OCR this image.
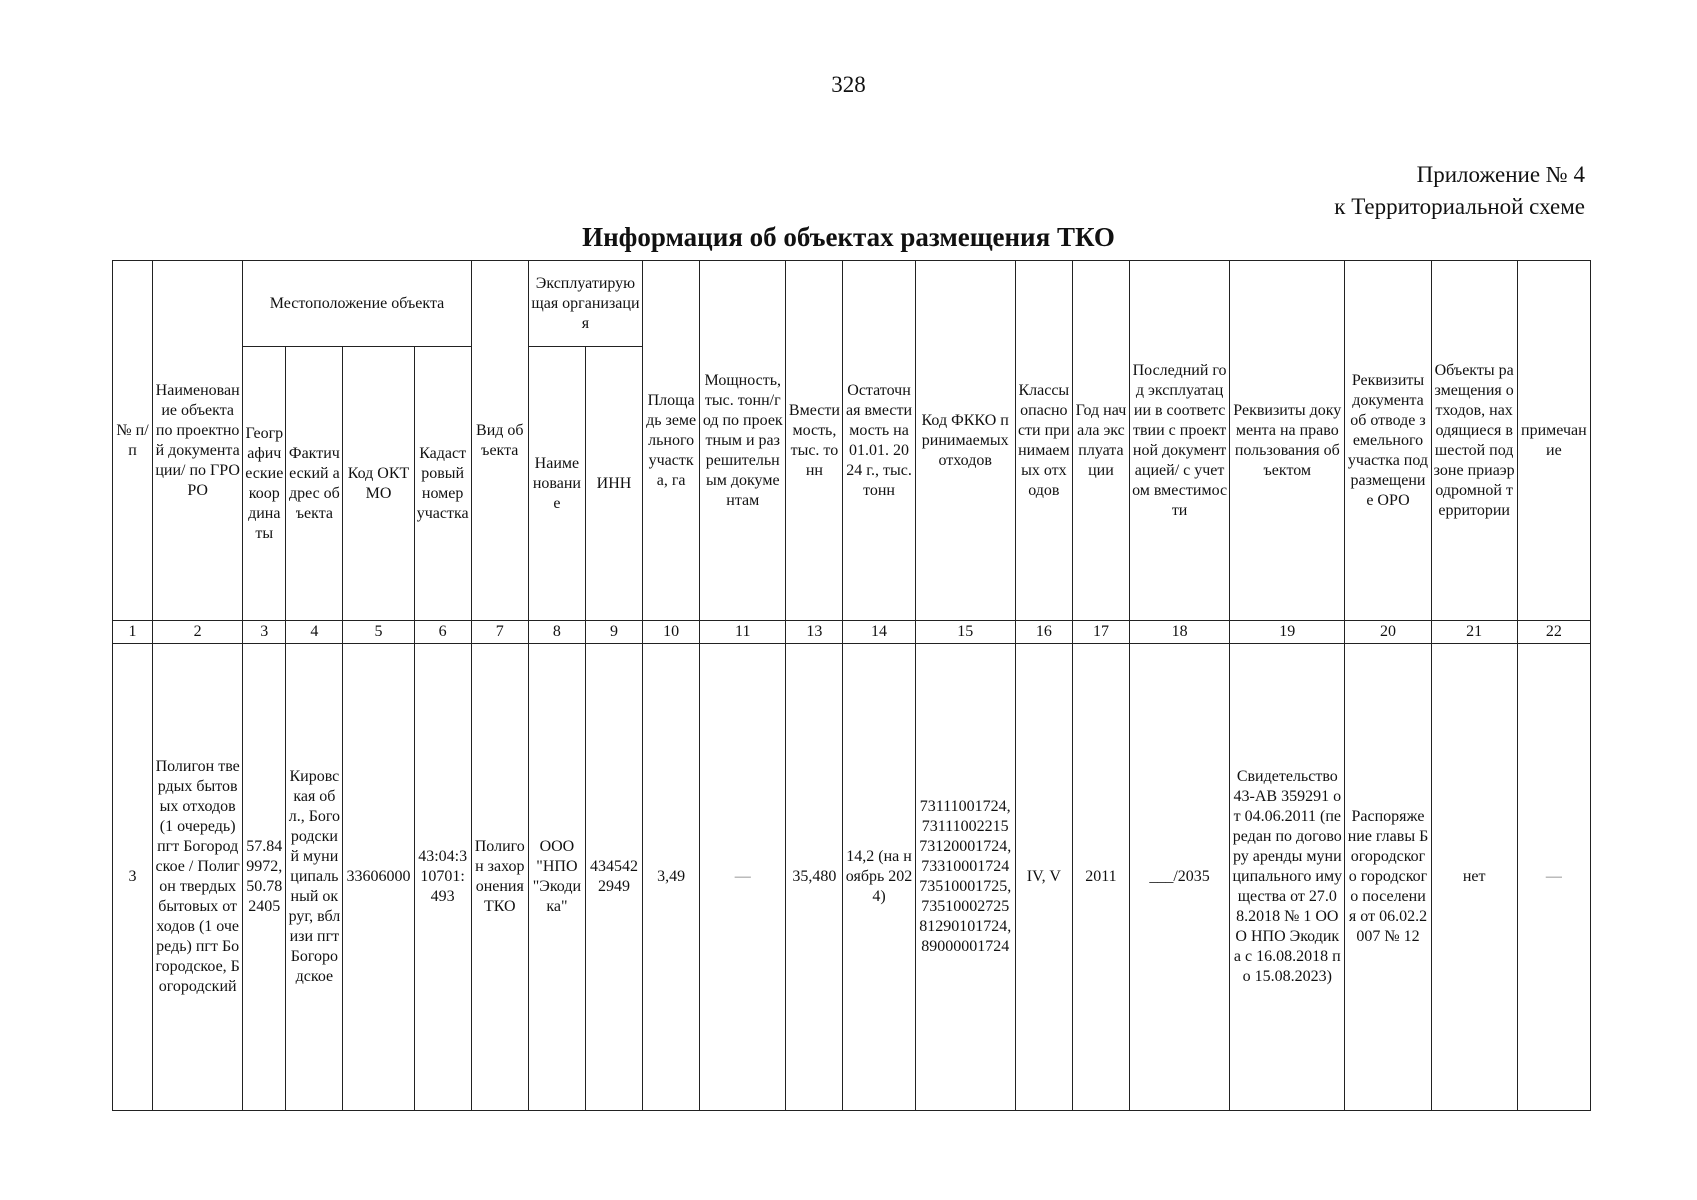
328
Приложение № 4
к Территориальной схеме
Информация об объектах размещения ТКО
№ п/п	Наименование объекта по проектной документации/ по ГРОРО	Местоположение объекта				Вид объекта	Эксплуатирующая организация		Площадь земельного участка, га	Мощность, тыс. тонн/год по проектным и разрешительным документам	Вместимость, тыс. тонн	Остаточная вместимость на 01.01. 2024 г., тыс. тонн	Код ФККО принимаемых отходов	Классы опасности принимаемых отходов	Год начала эксплуатации	Последний год эксплуатации в соответствии с проектной документацией/ с учетом вместимости	Реквизиты документа на право пользования объектом	Реквизиты документа об отводе земельного участка под размещение ОРО	Объекты размещения отходов, находящиеся в шестой подзоне приаэродромной территории	примечание
		Географические координаты	Фактический адрес объекта	Код ОКТМО	Кадастровый номер участка		Наименование	ИНН												
1	2	3	4	5	6	7	8	9	10	11	13	14	15	16	17	18	19	20	21	22
3	Полигон твердых бытовых отходов (1 очередь) пгт Богородское / Полигон твердых бытовых отходов (1 очередь) пгт Богородское, Богородский	57.849972, 50.782405	Кировская обл., Богородский муниципальный округ, вблизи пгт Богородское	33606000	43:04:310701:493	Полигон захоронения ТКО	ООО "НПО "Экодика"	4345422949	3,49	—	35,480	14,2 (на ноябрь 2024)	73111001724, 73111002215 73120001724, 73310001724 73510001725, 73510002725 81290101724, 89000001724	IV, V	2011	___/2035	Свидетельство 43-АВ 359291 от 04.06.2011 (передан по договору аренды муниципального имущества от 27.08.2018 № 1 ООО НПО Экодика с 16.08.2018 по 15.08.2023)	Распоряжение главы Богородского городского поселения от 06.02.2007 № 12	нет	—
